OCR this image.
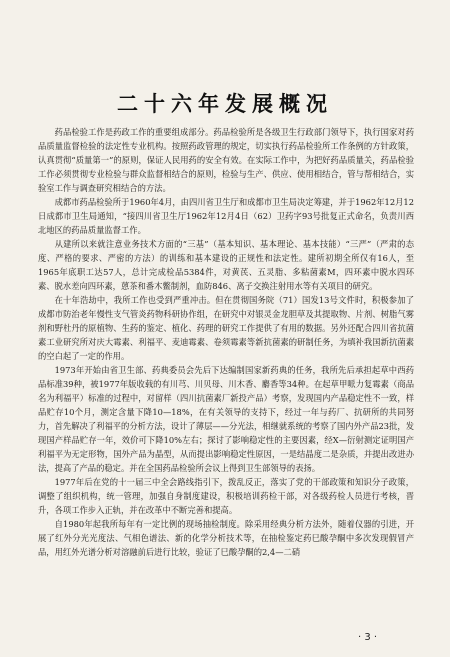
二十六年发展概况

药品检验工作是药政工作的重要组成部分。药品检验所是各级卫生行政部门领导下，执行国家对药品质量监督检验的法定性专业机构。按照药政管理的规定，切实执行药品检验所工作条例的方针政策，认真贯彻“质量第一”的原则，保证人民用药的安全有效。在实际工作中，为把好药品质量关，药品检验工作必须贯彻专业检验与群众监督相结合的原则，检验与生产、供应、使用相结合，管与帮相结合，实验室工作与调查研究相结合的方法。

成都市药品检验所于1960年4月，由四川省卫生厅和成都市卫生局决定筹建，并于1962年12月12日成都市卫生局通知，“接四川省卫生厅1962年12月4日（62）卫药字93号批复正式命名，负责川西北地区的药品质量监督工作。

从建所以来就注意业务技术方面的“三基”（基本知识、基本理论、基本技能）“三严”（严肃的态度、严格的要求、严密的方法）的训练和基本建设的正规性和法定性。建所初期全所仅有16人，至1965年底职工达57人，总计完成检品5384件，对黄芪、五灵脂、多粘菌素M，四环素中脱水四环素、脱水差向四环素，蒽茶和番木鳖制剂，血防846、离子交换注射用水等有关项目的研究。

在十年浩劫中，我所工作也受到严重冲击。但在贯彻国务院（71）国发13号文件时，积极参加了成都市防治老年慢性支气管炎药物科研协作组，在研究中对银灵金龙胆草及其提取物、片剂、树脂气雾剂和野杜丹的原植物、生药的鉴定、植化、药理的研究工作提供了有用的数据。另外还配合四川省抗菌素工业研究所对庆大霉素、利福平、麦迪霉素、卷须霉素等新抗菌素的研制任务，为填补我国新抗菌素的空白起了一定的作用。

1973年开始由省卫生部、药典委员会先后下达编制国家新药典的任务，我所先后承担起草中西药品标准39种，被1977年版收载的有川芎、川贝母、川木香、麝香等34种。在起草甲哌力复霉素（商品名为利福平）标准的过程中，对留样（四川抗菌素厂新投产品）考察，发现国内产品稳定性不一致，样品贮存10个月，测定含量下降10—18%，在有关领导的支持下，经过一年与药厂、抗研所的共同努力，首先解决了利福平的分析方法，设计了薄层——分光法，相继就系统的考察了国内外产品23批，发现国产样品贮存一年，效价可下降10%左右；探讨了影响稳定性的主要因素，经X—衍射测定证明国产利福平为无定形物，国外产品为晶型，从而提出影响稳定性原因，一是结晶度二是杂质，并提出改进办法，提高了产品的稳定。并在全国药品检验所会议上得到卫生部领导的表扬。

1977年后在党的十一届三中全会路线指引下，拨乱反正，落实了党的干部政策和知识分子政策，调整了组织机构，统一管理，加强自身制度建设，积极培训药检干部，对各级药检人员进行考核，晋升，各项工作步入正轨，并在改革中不断完善和提高。

自1980年起我所每年有一定比例的现场抽检制度。除采用经典分析方法外，随着仪器的引进，开展了红外分光光度法、气相色谱法、新的化学分析技术等，在抽检鉴定药巳酸孕酮中多次发现假冒产品，用红外光谱分析对溶融前后进行比较，验证了巳酸孕酮的2,4—二硝

· 3 ·
